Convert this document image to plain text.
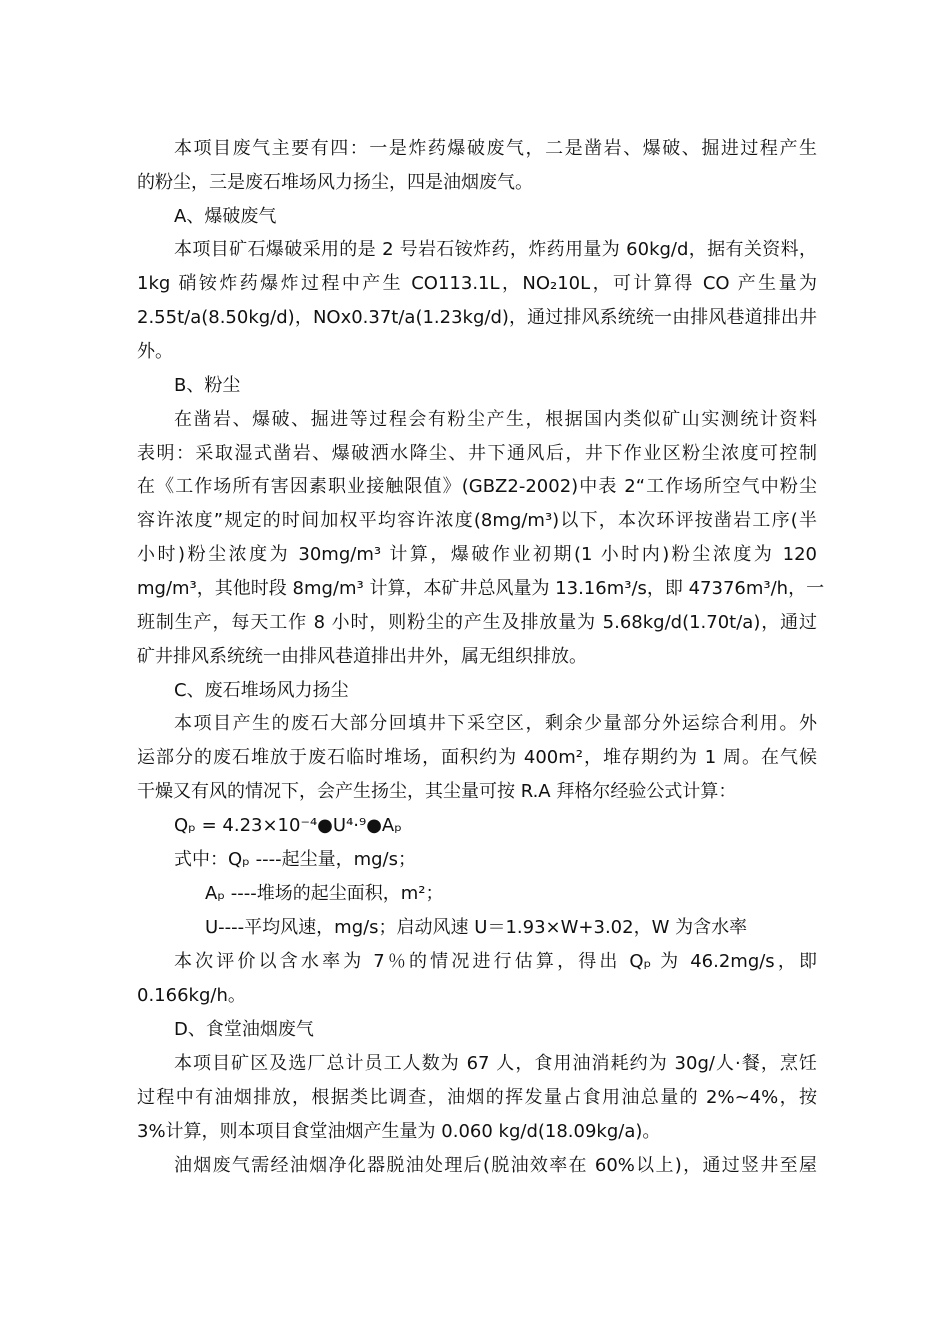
本项目废气主要有四：一是炸药爆破废气，二是凿岩、爆破、掘进过程产生
的粉尘，三是废石堆场风力扬尘，四是油烟废气。
A、爆破废气
本项目矿石爆破采用的是 2 号岩石铵炸药，炸药用量为 60kg/d，据有关资料，
1kg 硝铵炸药爆炸过程中产生 CO113.1L，NO₂10L，可计算得 CO 产生量为
2.55t/a(8.50kg/d)，NOx0.37t/a(1.23kg/d)，通过排风系统统一由排风巷道排出井
外。
B、粉尘
在凿岩、爆破、掘进等过程会有粉尘产生，根据国内类似矿山实测统计资料
表明：采取湿式凿岩、爆破洒水降尘、井下通风后，井下作业区粉尘浓度可控制
在《工作场所有害因素职业接触限值》(GBZ2-2002)中表 2“工作场所空气中粉尘
容许浓度”规定的时间加权平均容许浓度(8mg/m³)以下，本次环评按凿岩工序(半
小时)粉尘浓度为 30mg/m³ 计算，爆破作业初期(1 小时内)粉尘浓度为 120
mg/m³，其他时段 8mg/m³ 计算，本矿井总风量为 13.16m³/s，即 47376m³/h，一
班制生产，每天工作 8 小时，则粉尘的产生及排放量为 5.68kg/d(1.70t/a)，通过
矿井排风系统统一由排风巷道排出井外，属无组织排放。
C、废石堆场风力扬尘
本项目产生的废石大部分回填井下采空区，剩余少量部分外运综合利用。外
运部分的废石堆放于废石临时堆场，面积约为 400m²，堆存期约为 1 周。在气候
干燥又有风的情况下，会产生扬尘，其尘量可按 R.A 拜格尔经验公式计算：
Qₚ = 4.23×10⁻⁴●U⁴·⁹●Aₚ
式中：Qₚ ----起尘量，mg/s；
Aₚ ----堆场的起尘面积，m²；
U----平均风速，mg/s；启动风速 U＝1.93×W+3.02，W 为含水率
本次评价以含水率为 7％的情况进行估算，得出 Qₚ 为 46.2mg/s，即
0.166kg/h。
D、食堂油烟废气
本项目矿区及选厂总计员工人数为 67 人，食用油消耗约为 30g/人·餐，烹饪
过程中有油烟排放，根据类比调查，油烟的挥发量占食用油总量的 2%~4%，按
3%计算，则本项目食堂油烟产生量为 0.060 kg/d(18.09kg/a)。
油烟废气需经油烟净化器脱油处理后(脱油效率在 60%以上)，通过竖井至屋
